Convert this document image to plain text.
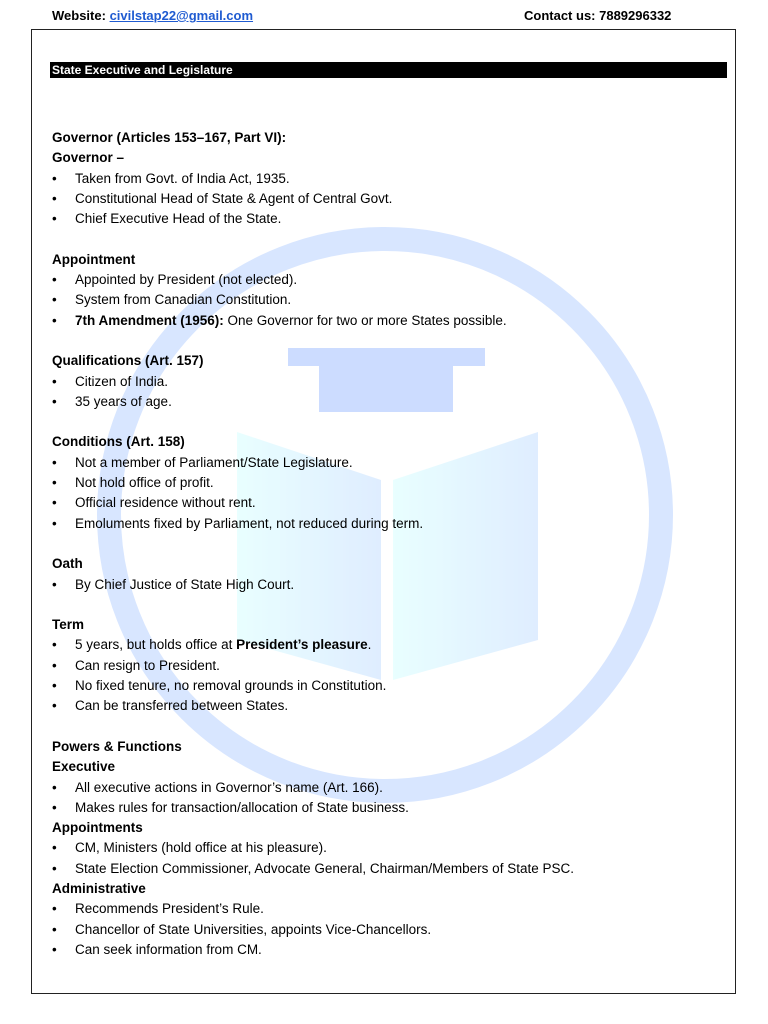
Website: civilstap22@gmail.com	Contact us: 7889296332
State Executive and Legislature
Governor (Articles 153–167, Part VI):
Governor –
• Taken from Govt. of India Act, 1935.
• Constitutional Head of State & Agent of Central Govt.
• Chief Executive Head of the State.
Appointment
• Appointed by President (not elected).
• System from Canadian Constitution.
• 7th Amendment (1956): One Governor for two or more States possible.
Qualifications (Art. 157)
• Citizen of India.
• 35 years of age.
Conditions (Art. 158)
• Not a member of Parliament/State Legislature.
• Not hold office of profit.
• Official residence without rent.
• Emoluments fixed by Parliament, not reduced during term.
Oath
• By Chief Justice of State High Court.
Term
• 5 years, but holds office at President’s pleasure.
• Can resign to President.
• No fixed tenure, no removal grounds in Constitution.
• Can be transferred between States.
Powers & Functions
Executive
• All executive actions in Governor’s name (Art. 166).
• Makes rules for transaction/allocation of State business.
Appointments
• CM, Ministers (hold office at his pleasure).
• State Election Commissioner, Advocate General, Chairman/Members of State PSC.
Administrative
• Recommends President’s Rule.
• Chancellor of State Universities, appoints Vice-Chancellors.
• Can seek information from CM.
